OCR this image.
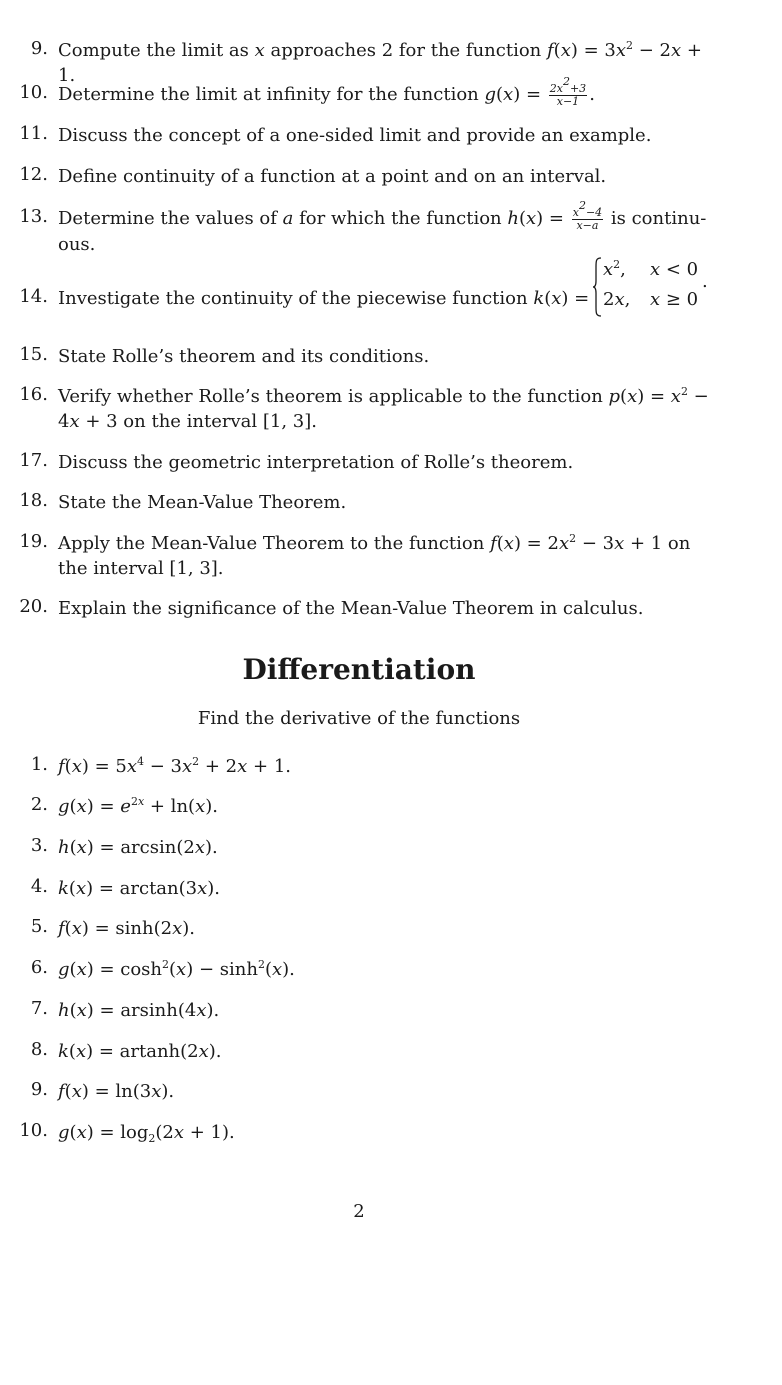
9. Compute the limit as x approaches 2 for the function $f(x) = 3x^2 - 2x + 1$.
10. Determine the limit at infinity for the function $g(x) = \frac{2x^2+3}{x-1}$ .
11. Discuss the concept of a one-sided limit and provide an example.
12. Define continuity of a function at a point and on an interval.
13. Determine the values of a for which the function $h(x) = \frac{x^2-4}{x-a}$ is continu-
ous.
14. Investigate the continuity of the piecewise function k(x) =
$x^2$, x < 0
2x, x ≥ 0
.
15. State Rolle’s theorem and its conditions.
16. Verify whether Rolle’s theorem is applicable to the function $p(x) = x^2$ −
4x + 3 on the interval [1, 3].
17. Discuss the geometric interpretation of Rolle’s theorem.
18. State the Mean-Value Theorem.
19. Apply the Mean-Value Theorem to the function $f(x) = 2x^2 - 3x + 1$ on
the interval [1, 3].
20. Explain the significance of the Mean-Value Theorem in calculus.
Differentiation
Find the derivative of the functions
1. $f(x) = 5x^4 - 3x^2 + 2x + 1$.
2. $g(x) = e^{2x} + \ln(x)$.
3. h(x) = arcsin(2x).
4. k(x) = arctan(3x).
5. f(x) = sinh(2x).
6. $g(x) = \cosh^2(x) - \sinh^2(x)$.
7. h(x) = arsinh(4x).
8. k(x) = artanh(2x).
9. f(x) = ln(3x).
10. $g(x) = \log_2(2x + 1)$.
2
